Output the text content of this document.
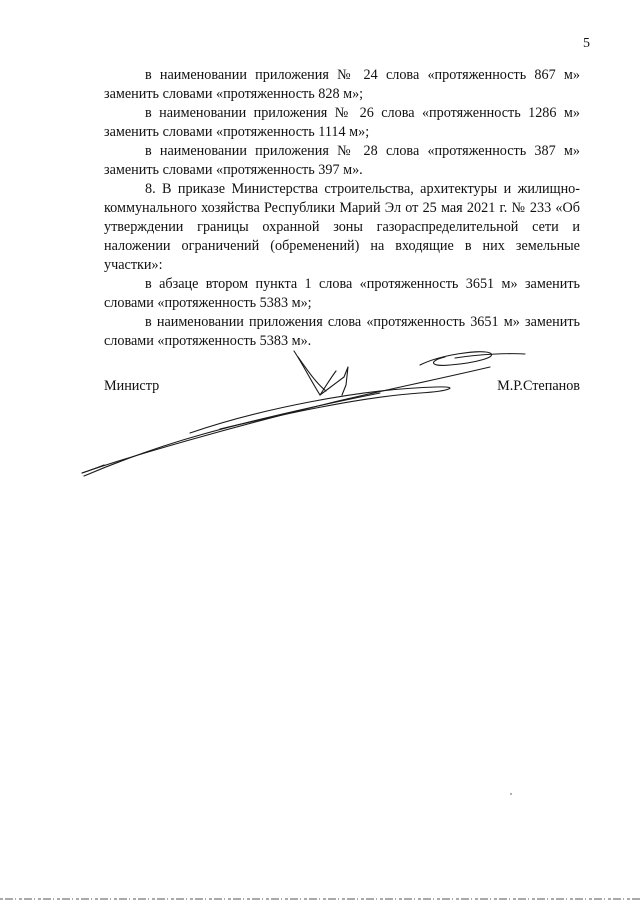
5

в наименовании приложения № 24 слова «протяженность 867 м» заменить словами «протяженность 828 м»;

в наименовании приложения № 26 слова «протяженность 1286 м» заменить словами «протяженность 1114 м»;

в наименовании приложения № 28 слова «протяженность 387 м» заменить словами «протяженность 397 м».

8. В приказе Министерства строительства, архитектуры и жилищно-коммунального хозяйства Республики Марий Эл от 25 мая 2021 г. № 233 «Об утверждении границы охранной зоны газораспределительной сети и наложении ограничений (обременений) на входящие в них земельные участки»:

в абзаце втором пункта 1 слова «протяженность 3651 м» заменить словами «протяженность 5383 м»;

в наименовании приложения слова «протяженность 3651 м» заменить словами «протяженность 5383 м».

Министр	М.Р.Степанов
